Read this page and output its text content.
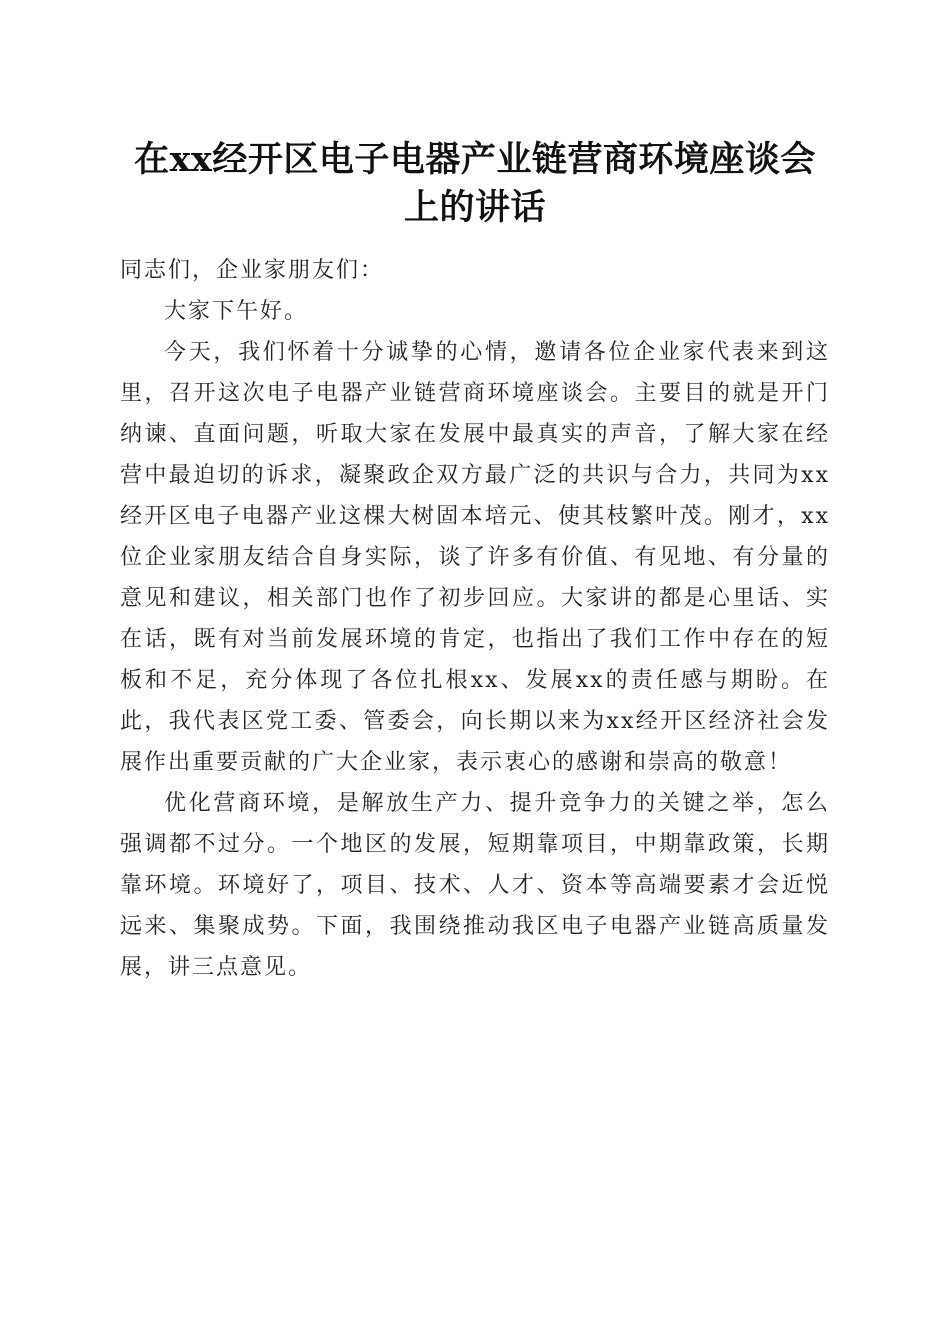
在xx经开区电子电器产业链营商环境座谈会
上的讲话

同志们，企业家朋友们：

大家下午好。

今天，我们怀着十分诚挚的心情，邀请各位企业家代表来到这里，召开这次电子电器产业链营商环境座谈会。主要目的就是开门纳谏、直面问题，听取大家在发展中最真实的声音，了解大家在经营中最迫切的诉求，凝聚政企双方最广泛的共识与合力，共同为xx经开区电子电器产业这棵大树固本培元、使其枝繁叶茂。刚才，xx位企业家朋友结合自身实际，谈了许多有价值、有见地、有分量的意见和建议，相关部门也作了初步回应。大家讲的都是心里话、实在话，既有对当前发展环境的肯定，也指出了我们工作中存在的短板和不足，充分体现了各位扎根xx、发展xx的责任感与期盼。在此，我代表区党工委、管委会，向长期以来为xx经开区经济社会发展作出重要贡献的广大企业家，表示衷心的感谢和崇高的敬意！

优化营商环境，是解放生产力、提升竞争力的关键之举，怎么强调都不过分。一个地区的发展，短期靠项目，中期靠政策，长期靠环境。环境好了，项目、技术、人才、资本等高端要素才会近悦远来、集聚成势。下面，我围绕推动我区电子电器产业链高质量发展，讲三点意见。
